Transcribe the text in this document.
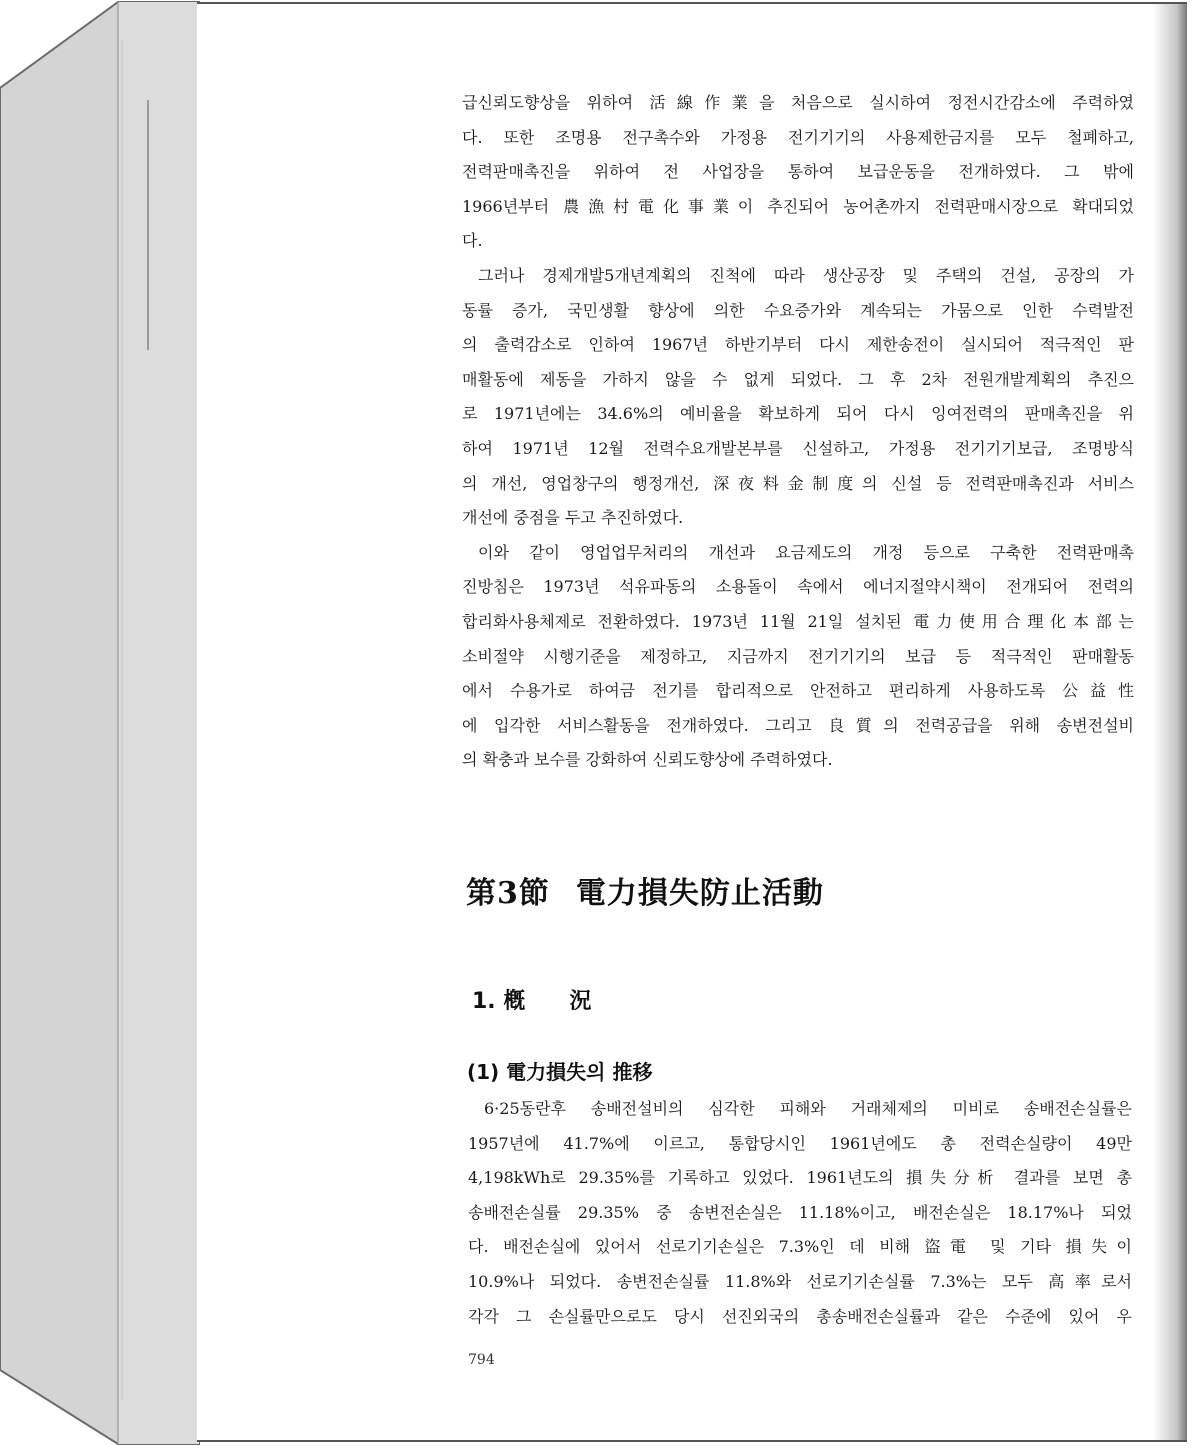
급신뢰도향상을 위하여 活線作業을 처음으로 실시하여 정전시간감소에 주력하였
다. 또한 조명용 전구촉수와 가정용 전기기기의 사용제한금지를 모두 철폐하고,
전력판매촉진을 위하여 전 사업장을 통하여 보급운동을 전개하였다. 그 밖에
1966년부터 農漁村電化事業이 추진되어 농어촌까지 전력판매시장으로 확대되었
다.

그러나 경제개발5개년계획의 진척에 따라 생산공장 및 주택의 건설, 공장의 가
동률 증가, 국민생활 향상에 의한 수요증가와 계속되는 가뭄으로 인한 수력발전
의 출력감소로 인하여 1967년 하반기부터 다시 제한송전이 실시되어 적극적인 판
매활동에 제동을 가하지 않을 수 없게 되었다. 그 후 2차 전원개발계획의 추진으
로 1971년에는 34.6%의 예비율을 확보하게 되어 다시 잉여전력의 판매촉진을 위
하여 1971년 12월 전력수요개발본부를 신설하고, 가정용 전기기기보급, 조명방식
의 개선, 영업창구의 행정개선, 深夜料金制度의 신설 등 전력판매촉진과 서비스
개선에 중점을 두고 추진하였다.

이와 같이 영업업무처리의 개선과 요금제도의 개정 등으로 구축한 전력판매촉
진방침은 1973년 석유파동의 소용돌이 속에서 에너지절약시책이 전개되어 전력의
합리화사용체제로 전환하였다. 1973년 11월 21일 설치된 電力使用合理化本部는
소비절약 시행기준을 제정하고, 지금까지 전기기기의 보급 등 적극적인 판매활동
에서 수용가로 하여금 전기를 합리적으로 안전하고 편리하게 사용하도록 公益性
에 입각한 서비스활동을 전개하였다. 그리고 良質의 전력공급을 위해 송변전설비
의 확충과 보수를 강화하여 신뢰도향상에 주력하였다.

第3節 電力損失防止活動
1. 槪 況
(1) 電力損失의 推移

6·25동란후 송배전설비의 심각한 피해와 거래체제의 미비로 송배전손실률은
1957년에 41.7%에 이르고, 통합당시인 1961년에도 총 전력손실량이 49만
4,198kWh로 29.35%를 기록하고 있었다. 1961년도의 損失分析 결과를 보면 총
송배전손실률 29.35% 중 송변전손실은 11.18%이고, 배전손실은 18.17%나 되었
다. 배전손실에 있어서 선로기기손실은 7.3%인 데 비해 盜電 및 기타 損失이
10.9%나 되었다. 송변전손실률 11.8%와 선로기기손실률 7.3%는 모두 高率로서
각각 그 손실률만으로도 당시 선진외국의 총송배전손실률과 같은 수준에 있어 우

794
